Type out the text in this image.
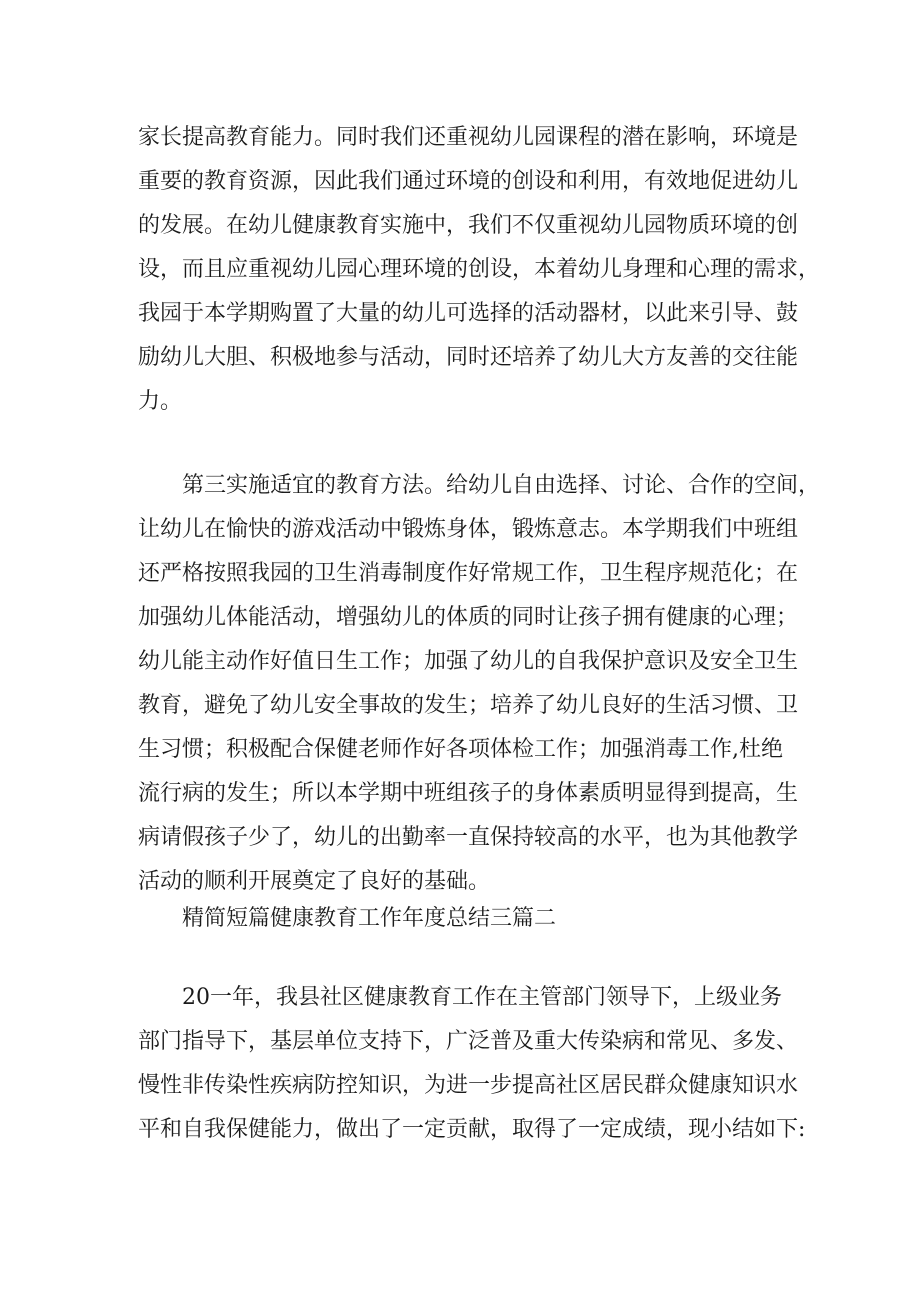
家长提高教育能力。同时我们还重视幼儿园课程的潜在影响，环境是
重要的教育资源，因此我们通过环境的创设和利用，有效地促进幼儿
的发展。在幼儿健康教育实施中，我们不仅重视幼儿园物质环境的创
设，而且应重视幼儿园心理环境的创设，本着幼儿身理和心理的需求，
我园于本学期购置了大量的幼儿可选择的活动器材，以此来引导、鼓
励幼儿大胆、积极地参与活动，同时还培养了幼儿大方友善的交往能
力。
　　第三实施适宜的教育方法。给幼儿自由选择、讨论、合作的空间，
让幼儿在愉快的游戏活动中锻炼身体，锻炼意志。本学期我们中班组
还严格按照我园的卫生消毒制度作好常规工作，卫生程序规范化；在
加强幼儿体能活动，增强幼儿的体质的同时让孩子拥有健康的心理；
幼儿能主动作好值日生工作；加强了幼儿的自我保护意识及安全卫生
教育，避免了幼儿安全事故的发生；培养了幼儿良好的生活习惯、卫
生习惯；积极配合保健老师作好各项体检工作；加强消毒工作,杜绝
流行病的发生；所以本学期中班组孩子的身体素质明显得到提高，生
病请假孩子少了，幼儿的出勤率一直保持较高的水平，也为其他教学
活动的顺利开展奠定了良好的基础。
　　精简短篇健康教育工作年度总结三篇二
　　20一年，我县社区健康教育工作在主管部门领导下，上级业务
部门指导下，基层单位支持下，广泛普及重大传染病和常见、多发、
慢性非传染性疾病防控知识，为进一步提高社区居民群众健康知识水
平和自我保健能力，做出了一定贡献，取得了一定成绩，现小结如下:
